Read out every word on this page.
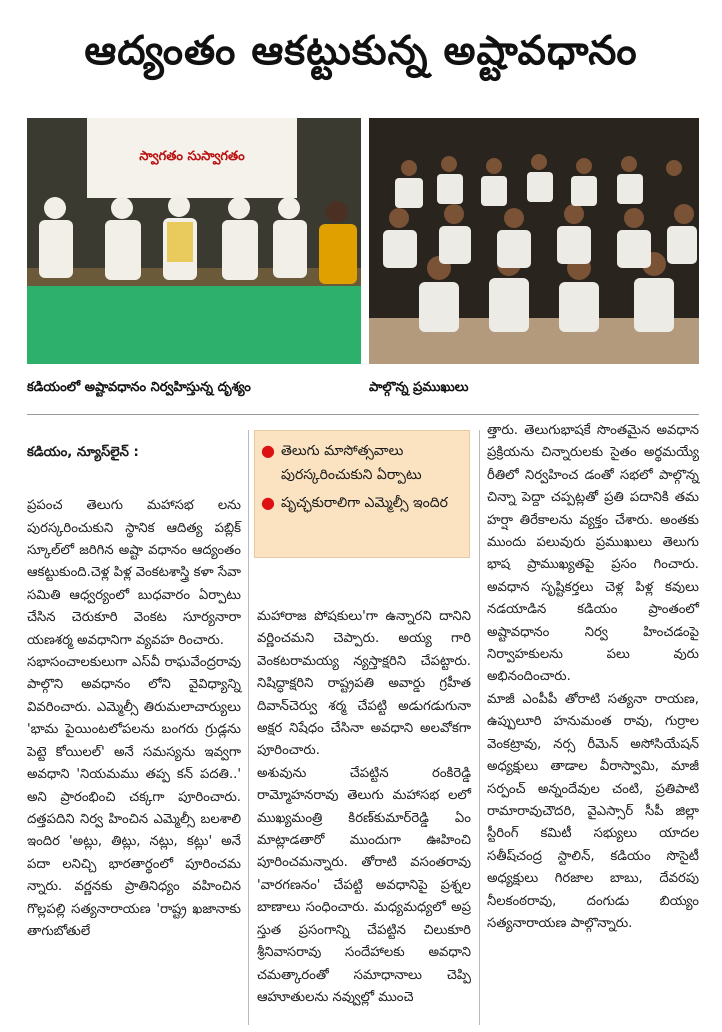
ఆద్యంతం ఆకట్టుకున్న అష్టావధానం
స్వాగతం సుస్వాగతం
కడియంలో అష్టావధానం నిర్వహిస్తున్న దృశ్యం	పాల్గొన్న ప్రముఖులు

కడియం, న్యూస్‌లైన్ :

ప్రపంచ తెలుగు మహాసభ లను పురస్కరించుకుని స్థానిక ఆదిత్య పబ్లిక్ స్కూల్‌లో జరిగిన అష్టా వధానం ఆద్యంతం ఆకట్టుకుంది.చెళ్ల పిళ్ల వెంకటశాస్త్రి కళా సేవా సమితి ఆధ్వర్యంలో బుధవారం ఏర్పాటు చేసిన చెరుకూరి వెంకట సూర్యనారా యణశర్మ అవధానిగా వ్యవహ రించారు.
సభాసంచాలకులుగా ఎస్‌వీ రాఘవేంద్రరావు పాల్గొని అవధానం లోని వైవిధ్యాన్ని వివరించారు. ఎమ్మెల్సీ తిరుమలాచార్యులు 'భామ పైయింటలోపలను బంగరు గ్రుడ్లను పెట్టె కోయిలల్‌' అనే సమస్యను ఇవ్వగా అవధాని 'నియమము తప్ప కన్ పదతి..' అని ప్రారంభించి చక్కగా పూరించారు. దత్తపదిని నిర్వ హించిన ఎమ్మెల్సీ బలశాలి ఇందిర 'అట్లు, తిట్లు, నట్లు, కట్లు' అనే పదా లనిచ్చి భారతార్థంలో పూరించమ న్నారు. వర్ణనకు ప్రాతినిధ్యం వహించిన గొల్లపల్లి సత్యనారాయణ 'రాష్ట్ర ఖజానాకు తాగుబోతులే

● తెలుగు మాసోత్సవాలు పురస్కరించుకుని ఏర్పాటు
● పృచ్ఛకురాలిగా ఎమ్మెల్సీ ఇందిర
మహారాజ పోషకులు'గా ఉన్నారని దానిని వర్ణించమని చెప్పారు. అయ్య గారి వెంకటరామయ్య న్యస్తాక్షరిని చేపట్టారు. నిషిద్ధాక్షరిని రాష్ట్రపతి అవార్డు గ్రహీత దివాన్‌చెర్వు శర్మ చేపట్టి అడుగడుగునా అక్షర నిషేధం చేసినా అవధాని అలవోకగా పూరించారు.
అశువును చేపట్టిన రంకిరెడ్డి రామ్మోహనరావు తెలుగు మహాసభ లలో ముఖ్యమంత్రి కిరణ్‌కుమార్‌రెడ్డి ఏం మాట్లాడతారో ముందుగా ఊహించి పూరించమన్నారు. తోరాటి వసంతరావు 'వారగణనం' చేపట్టి అవధానిపై ప్రశ్నల బాణాలు సంధించారు. మధ్యమధ్యలో అప్ర స్తుత ప్రసంగాన్ని చేపట్టిన చిలుకూరి శ్రీనివాసరావు సందేహాలకు అవధాని చమత్కారంతో సమాధానాలు చెప్పి ఆహూతులను నవ్వుల్లో ముంచె
త్తారు. తెలుగుభాషకే సొంతమైన అవధాన ప్రక్రియను చిన్నారులకు సైతం అర్థమయ్యే రీతిలో నిర్వహించ డంతో సభలో పాల్గొన్న చిన్నా పెద్దా చప్పట్లతో ప్రతి పదానికి తమ హర్షా తిరేకాలను వ్యక్తం చేశారు. అంతకు ముందు పలువురు ప్రముఖులు తెలుగు భాష ప్రాముఖ్యతపై ప్రసం గించారు. అవధాన సృష్టికర్తలు చెళ్ల పిళ్ల కవులు నడయాడిన కడియం ప్రాంతంలో అష్టావధానం నిర్వ హించడంపై నిర్వాహకులను పలు వురు అభినందించారు.
మాజీ ఎంపీపీ తోరాటి సత్యనా రాయణ, ఉప్పులూరి హనుమంత రావు, గుర్రాల వెంకట్రావు, నర్స రీమెన్ అసోసియేషన్ అధ్యక్షులు తాడాల వీరాస్వామి, మాజీ సర్పంచ్ అన్నందేవుల చంటి, ప్రతిపాటి రామారావుచౌదరి, వైఎస్సార్ సీపీ జిల్లా స్టీరింగ్ కమిటీ సభ్యులు యాదల సతీష్‌చంద్ర స్టాలిన్, కడియం సొసైటీ అధ్యక్షులు గిరజాల బాబు, దేవరపు నీలకంఠరావు, దంగుడు బియ్యం సత్యనారాయణ పాల్గొన్నారు.
